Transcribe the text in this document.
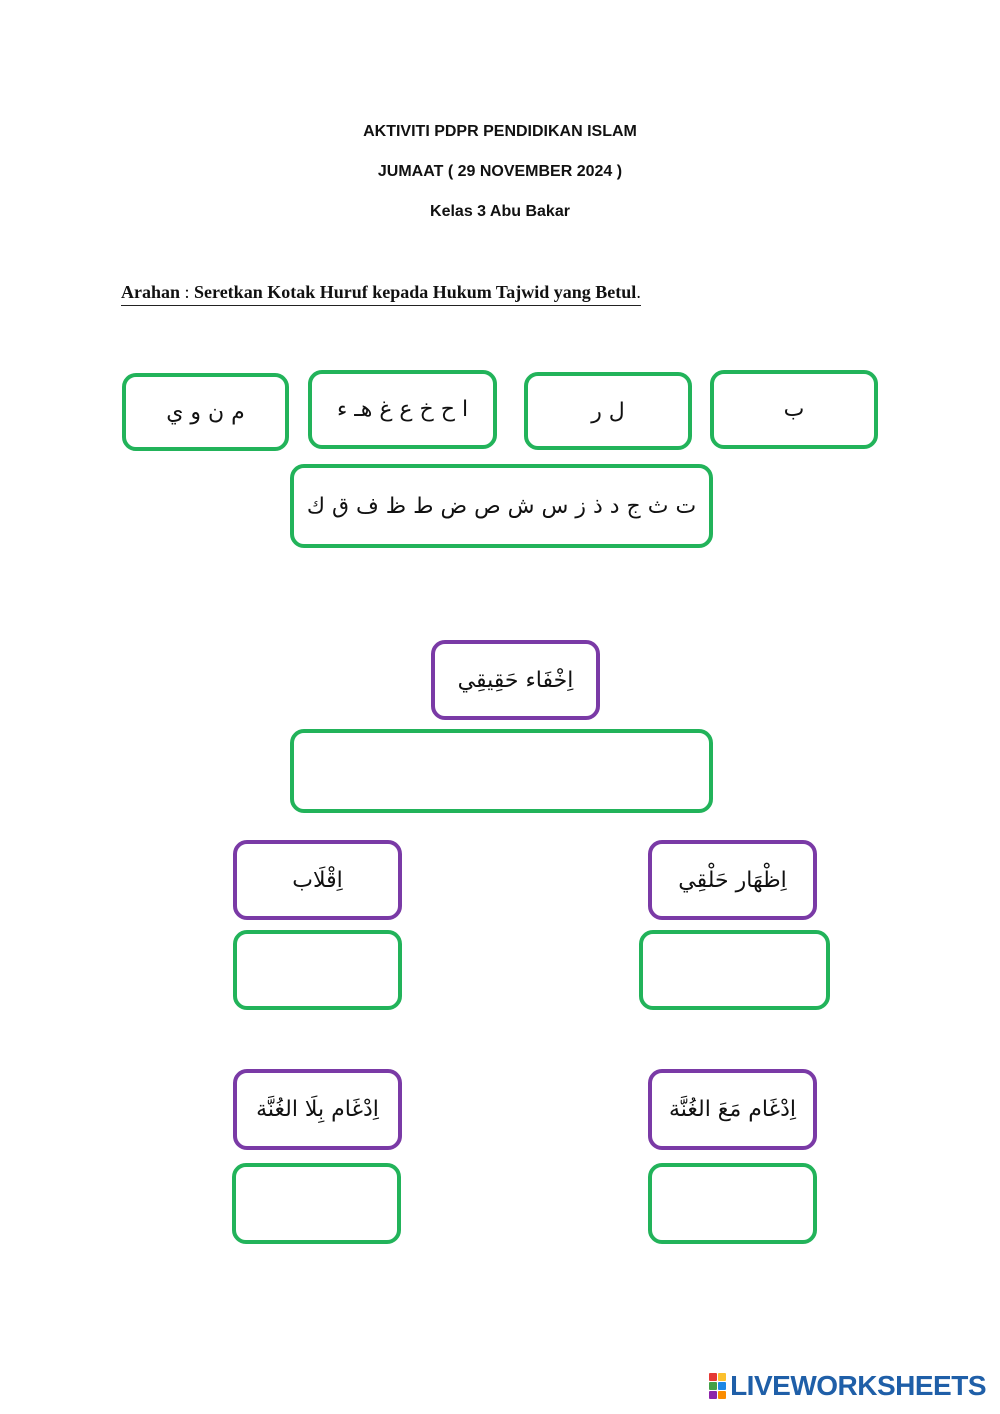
AKTIVITI PDPR PENDIDIKAN ISLAM
JUMAAT ( 29 NOVEMBER 2024 )
Kelas 3 Abu Bakar
Arahan : Seretkan Kotak Huruf kepada Hukum Tajwid yang Betul.
م ن و ي	ا ح خ ع غ هـ ء	ل ر	ب
ت ث ج د ذ ز س ش ص ض ط ظ ف ق ك
اِخْفَاء حَقِيقِي
اِقْلَاب	اِظْهَار حَلْقِي
اِدْغَام بِلَا الغُنَّة	اِدْغَام مَعَ الغُنَّة
LIVEWORKSHEETS
